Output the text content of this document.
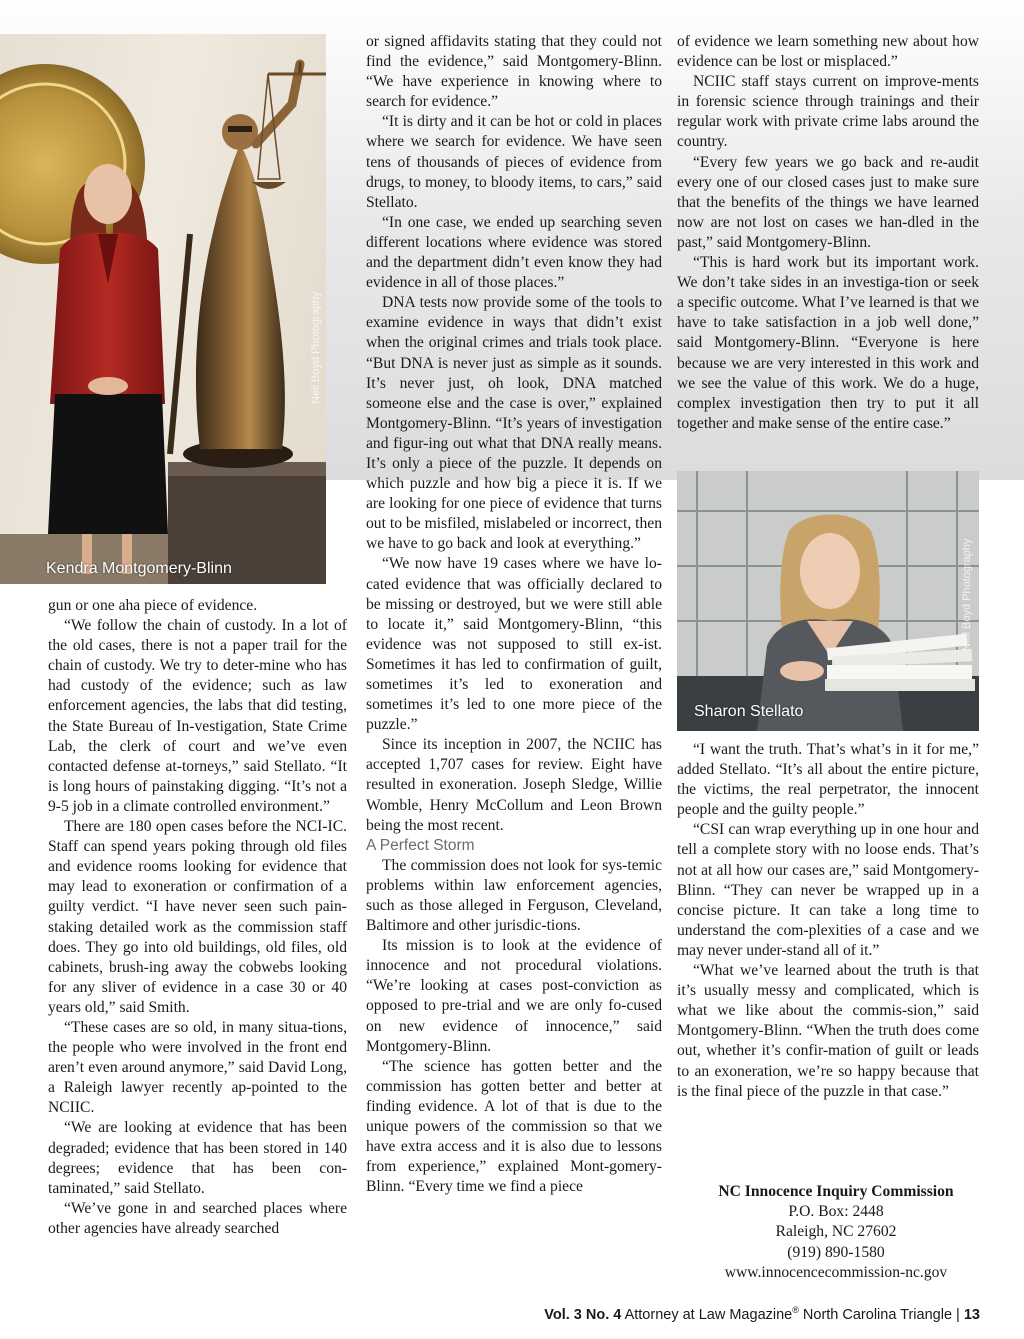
Neil Boyd Photography
Kendra Montgomery-Blinn	Neil Boyd Photography
Sharon Stellato

gun or one aha piece of evidence.

“We follow the chain of custody. In a lot of the old cases, there is not a paper trail for the chain of custody. We try to deter-mine who has had custody of the evidence; such as law enforcement agencies, the labs that did testing, the State Bureau of In-vestigation, State Crime Lab, the clerk of court and we’ve even contacted defense at-torneys,” said Stellato. “It is long hours of painstaking digging. “It’s not a 9-5 job in a climate controlled environment.”

There are 180 open cases before the NCI-IC. Staff can spend years poking through old files and evidence rooms looking for evidence that may lead to exoneration or confirmation of a guilty verdict. “I have never seen such pain-staking detailed work as the commission staff does. They go into old buildings, old files, old cabinets, brush-ing away the cobwebs looking for any sliver of evidence in a case 30 or 40 years old,” said Smith.

“These cases are so old, in many situa-tions, the people who were involved in the front end aren’t even around anymore,” said David Long, a Raleigh lawyer recently ap-pointed to the NCIIC.

“We are looking at evidence that has been degraded; evidence that has been stored in 140 degrees; evidence that has been con-taminated,” said Stellato.

“We’ve gone in and searched places where other agencies have already searched

or signed affidavits stating that they could not find the evidence,” said Montgomery-Blinn. “We have experience in knowing where to search for evidence.”

“It is dirty and it can be hot or cold in places where we search for evidence. We have seen tens of thousands of pieces of evidence from drugs, to money, to bloody items, to cars,” said Stellato.

“In one case, we ended up searching seven different locations where evidence was stored and the department didn’t even know they had evidence in all of those places.”

DNA tests now provide some of the tools to examine evidence in ways that didn’t exist when the original crimes and trials took place. “But DNA is never just as simple as it sounds. It’s never just, oh look, DNA matched someone else and the case is over,” explained Montgomery-Blinn. “It’s years of investigation and figur-ing out what that DNA really means. It’s only a piece of the puzzle. It depends on which puzzle and how big a piece it is. If we are looking for one piece of evidence that turns out to be misfiled, mislabeled or incorrect, then we have to go back and look at everything.”

“We now have 19 cases where we have lo-cated evidence that was officially declared to be missing or destroyed, but we were still able to locate it,” said Montgomery-Blinn, “this evidence was not supposed to still ex-ist. Sometimes it has led to confirmation of guilt, sometimes it’s led to exoneration and sometimes it’s led to one more piece of the puzzle.”

Since its inception in 2007, the NCIIC has accepted 1,707 cases for review. Eight have resulted in exoneration. Joseph Sledge, Willie Womble, Henry McCollum and Leon Brown being the most recent.

A Perfect Storm

The commission does not look for sys-temic problems within law enforcement agencies, such as those alleged in Ferguson, Cleveland, Baltimore and other jurisdic-tions.

Its mission is to look at the evidence of innocence and not procedural violations. “We’re looking at cases post-conviction as opposed to pre-trial and we are only fo-cused on new evidence of innocence,” said Montgomery-Blinn.

“The science has gotten better and the commission has gotten better and better at finding evidence. A lot of that is due to the unique powers of the commission so that we have extra access and it is also due to lessons from experience,” explained Mont-gomery-Blinn. “Every time we find a piece

of evidence we learn something new about how evidence can be lost or misplaced.”

NCIIC staff stays current on improve-ments in forensic science through trainings and their regular work with private crime labs around the country.

“Every few years we go back and re-audit every one of our closed cases just to make sure that the benefits of the things we have learned now are not lost on cases we han-dled in the past,” said Montgomery-Blinn.

“This is hard work but its important work. We don’t take sides in an investiga-tion or seek a specific outcome. What I’ve learned is that we have to take satisfaction in a job well done,” said Montgomery-Blinn. “Everyone is here because we are very interested in this work and we see the value of this work. We do a huge, complex investigation then try to put it all together and make sense of the entire case.”

“I want the truth. That’s what’s in it for me,” added Stellato. “It’s all about the entire picture, the victims, the real perpetrator, the innocent people and the guilty people.”

“CSI can wrap everything up in one hour and tell a complete story with no loose ends. That’s not at all how our cases are,” said Montgomery-Blinn. “They can never be wrapped up in a concise picture. It can take a long time to understand the com-plexities of a case and we may never under-stand all of it.”

“What we’ve learned about the truth is that it’s usually messy and complicated, which is what we like about the commis-sion,” said Montgomery-Blinn. “When the truth does come out, whether it’s confir-mation of guilt or leads to an exoneration, we’re so happy because that is the final piece of the puzzle in that case.”

NC Innocence Inquiry Commission
P.O. Box: 2448
Raleigh, NC 27602
(919) 890-1580
www.innocencecommission-nc.gov
Vol. 3 No. 4 Attorney at Law Magazine® North Carolina Triangle | 13
